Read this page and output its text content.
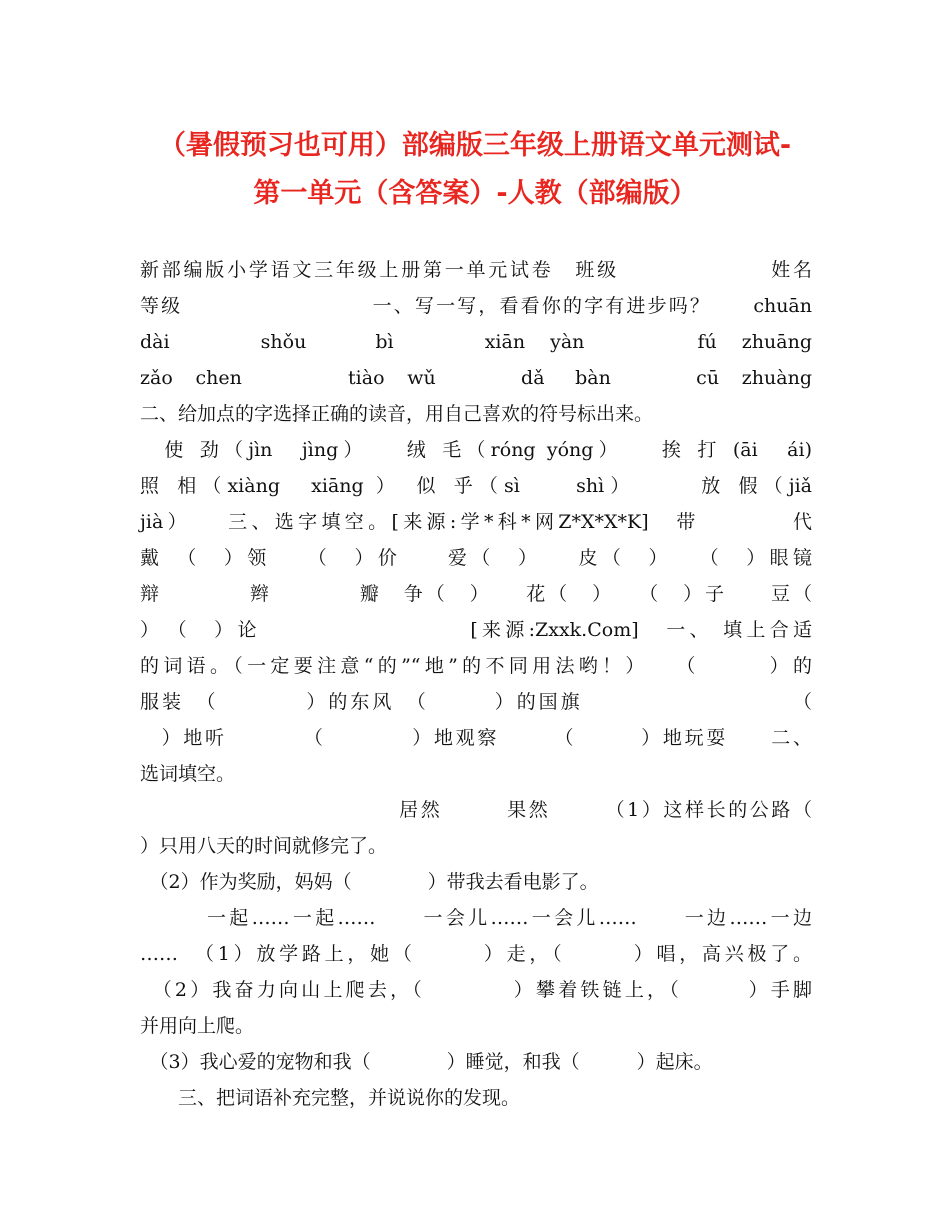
（暑假预习也可用）部编版三年级上册语文单元测试-
第一单元（含答案）-人教（部编版）
新部编版小学语文三年级上册第一单元试卷　班级　　　　　　　姓名
等级　　　　　　　　　一、写一写，看看你的字有进步吗？　　chuān
dài　　　　shǒu　　　bì　　　　xiān　yàn　　　　　fú　zhuāng
zǎo　chen　　　　　tiào　wǔ　　　　dǎ　 bàn　　　　cū　zhuàng
二、给加点的字选择正确的读音，用自己喜欢的符号标出来。
　使 劲（jìn　jìng）　　绒 毛（róng yóng）　　挨 打 (āi　ái)
照 相（xiàng　xiāng ）　似 乎（sì　　shì）　　　放 假（jiǎ
jià）　　三、选字填空。[来源:学*科*网Z*X*X*K]　带　　　　代
戴　（　）领　　（　）价　　爱（　）　　皮（　）　　（　）眼镜
辩　　　　辫　　　　瓣　争（　）　　花（　）　　（　）子　　豆（
）　（　）论　　　　　　　　　[来源:Zxxk.Com]　一、 填上合适
的词语。（一定要注意“的”“地”的不同用法哟！）　　（　　　）的
服装　（　　　　）的东风　（　　　）的国旗　　　　　　　　　　（
　）地听　　　　（　　　　）地观察　　　（　　　）地玩耍　　二、
选词填空。
　　　　　　　　　　　　居然　　　果然　　　（1）这样长的公路（
）只用八天的时间就修完了。
　（2）作为奖励，妈妈（　　　　）带我去看电影了。
　　　一起……一起……　　一会儿……一会儿……　　一边……一边
……　（1）放学路上，她（　　　）走，（　　　）唱，高兴极了。
　（2）我奋力向山上爬去，（　　　　）攀着铁链上，（　　　）手脚
并用向上爬。
　（3）我心爱的宠物和我（　　　　）睡觉，和我（　　　）起床。
　　三、把词语补充完整，并说说你的发现。
